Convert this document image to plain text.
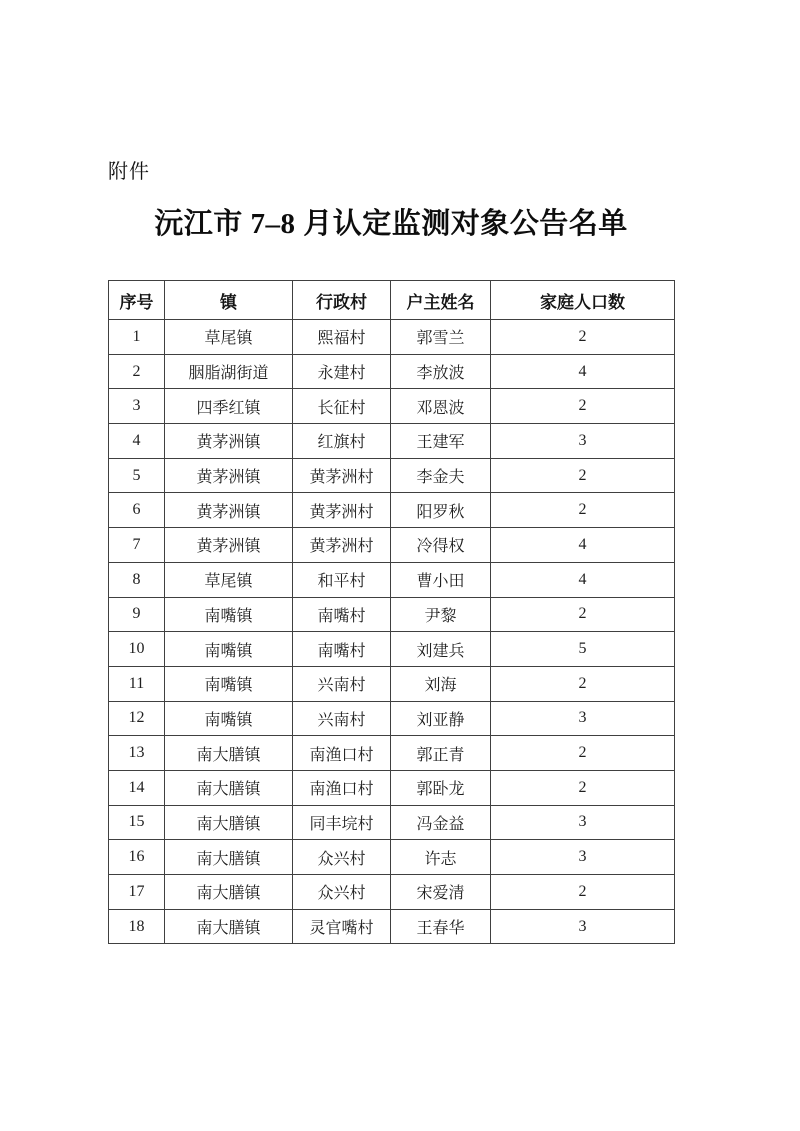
附件
沅江市 7–8 月认定监测对象公告名单
序号	镇	行政村	户主姓名	家庭人口数
1	草尾镇	熙福村	郭雪兰	2
2	胭脂湖街道	永建村	李放波	4
3	四季红镇	长征村	邓恩波	2
4	黄茅洲镇	红旗村	王建军	3
5	黄茅洲镇	黄茅洲村	李金夫	2
6	黄茅洲镇	黄茅洲村	阳罗秋	2
7	黄茅洲镇	黄茅洲村	冷得权	4
8	草尾镇	和平村	曹小田	4
9	南嘴镇	南嘴村	尹黎	2
10	南嘴镇	南嘴村	刘建兵	5
11	南嘴镇	兴南村	刘海	2
12	南嘴镇	兴南村	刘亚静	3
13	南大膳镇	南渔口村	郭正青	2
14	南大膳镇	南渔口村	郭卧龙	2
15	南大膳镇	同丰垸村	冯金益	3
16	南大膳镇	众兴村	许志	3
17	南大膳镇	众兴村	宋爱清	2
18	南大膳镇	灵官嘴村	王春华	3
